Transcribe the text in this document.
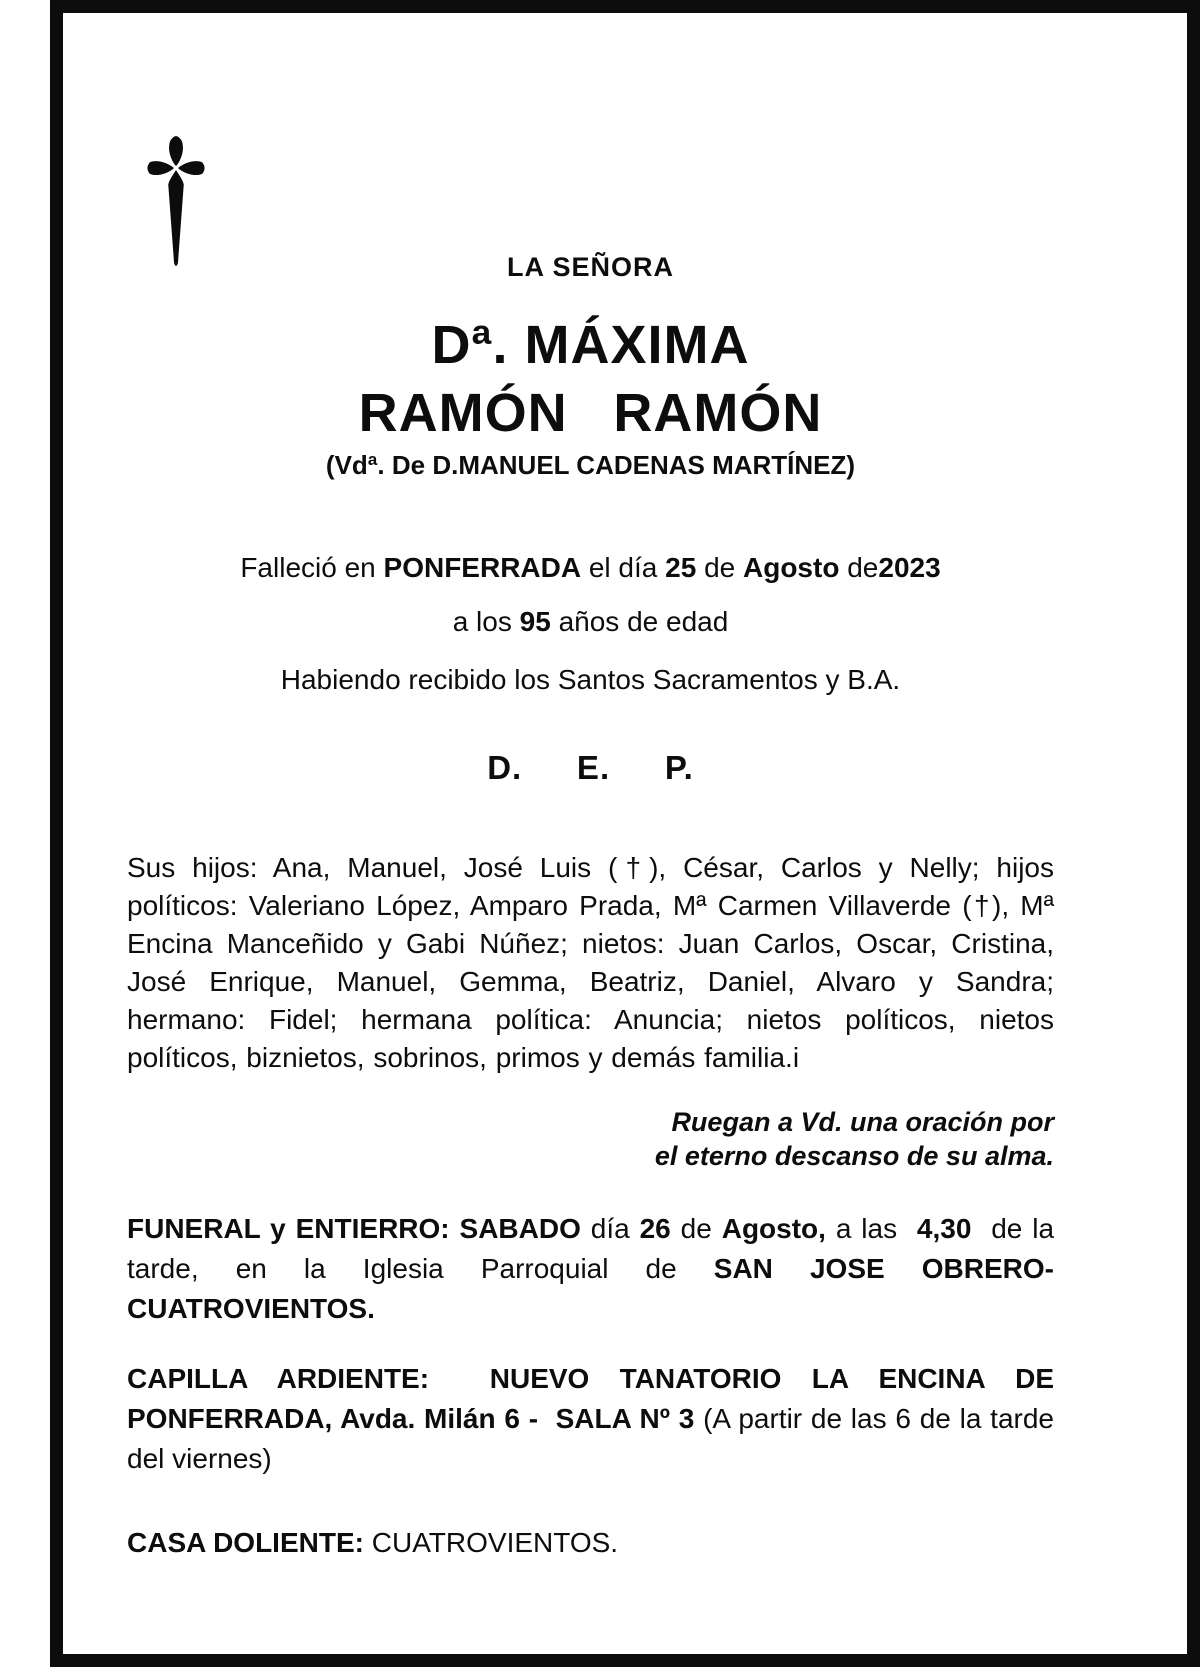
LA SEÑORA
Dª. MÁXIMA
RAMÓN RAMÓN
(Vdª. De D.MANUEL CADENAS MARTÍNEZ)
Falleció en PONFERRADA el día 25 de Agosto de2023
a los 95 años de edad
Habiendo recibido los Santos Sacramentos y B.A.
D. E. P.

Sus hijos: Ana, Manuel, José Luis (†), César, Carlos y Nelly; hijos políticos: Valeriano López, Amparo Prada, Mª Carmen Villaverde (†), Mª Encina Manceñido y Gabi Núñez; nietos: Juan Carlos, Oscar, Cristina, José Enrique, Manuel, Gemma, Beatriz, Daniel, Alvaro y Sandra; hermano: Fidel; hermana política: Anuncia; nietos políticos, nietos políticos, biznietos, sobrinos, primos y demás familia.i

Ruegan a Vd. una oración por
el eterno descanso de su alma.

FUNERAL y ENTIERRO: SABADO día 26 de Agosto, a las  4,30  de la tarde, en la Iglesia Parroquial de SAN JOSE OBRERO-CUATROVIENTOS.

CAPILLA ARDIENTE:  NUEVO TANATORIO LA ENCINA DE PONFERRADA, Avda. Milán 6 -  SALA Nº 3 (A partir de las 6 de la tarde del viernes)

CASA DOLIENTE: CUATROVIENTOS.
